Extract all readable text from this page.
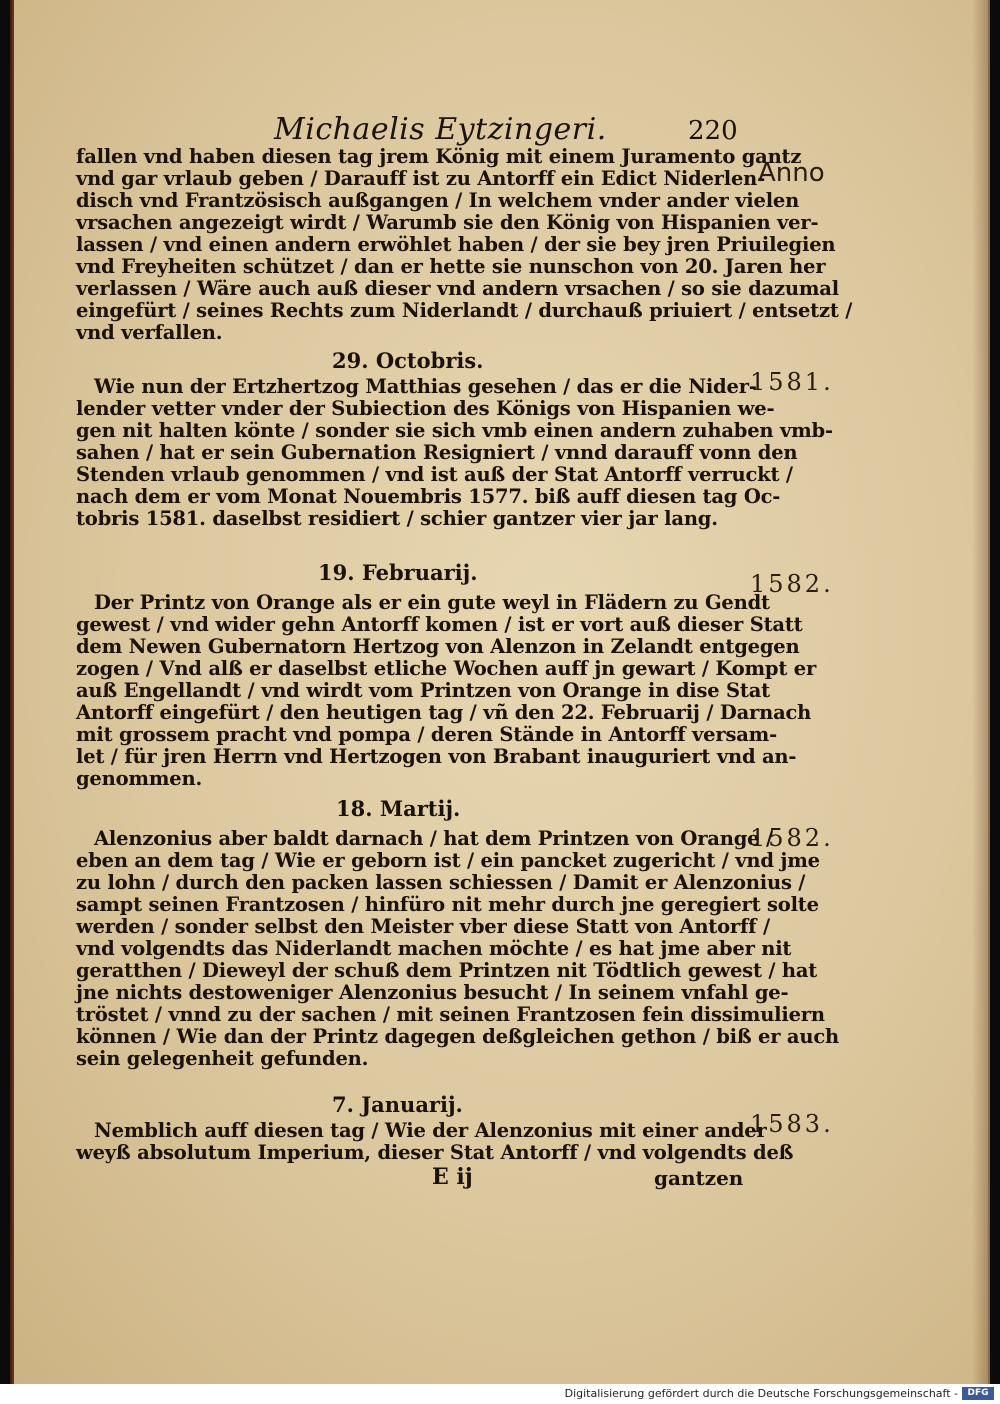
Michaelis Eytzingeri.	220
Anno
fallen vnd haben diesen tag jrem König mit einem Juramento gantz
vnd gar vrlaub geben / Darauff ist zu Antorff ein Edict Niderlen-
disch vnd Frantzösisch außgangen / In welchem vnder ander vielen
vrsachen angezeigt wirdt / Warumb sie den König von Hispanien ver-
lassen / vnd einen andern erwöhlet haben / der sie bey jren Priuilegien
vnd Freyheiten schützet / dan er hette sie nunschon von 20. Jaren her
verlassen / Wäre auch auß dieser vnd andern vrsachen / so sie dazumal
eingefürt / seines Rechts zum Niderlandt / durchauß priuiert / entsetzt /
vnd verfallen.
29. Octobris.
1581.
Wie nun der Ertzhertzog Matthias gesehen / das er die Nider-
lender vetter vnder der Subiection des Königs von Hispanien we-
gen nit halten könte / sonder sie sich vmb einen andern zuhaben vmb-
sahen / hat er sein Gubernation Resigniert / vnnd darauff vonn den
Stenden vrlaub genommen / vnd ist auß der Stat Antorff verruckt /
nach dem er vom Monat Nouembris 1577. biß auff diesen tag Oc-
tobris 1581. daselbst residiert / schier gantzer vier jar lang.
19. Februarij.	1582.
Der Printz von Orange als er ein gute weyl in Flädern zu Gendt
gewest / vnd wider gehn Antorff komen / ist er vort auß dieser Statt
dem Newen Gubernatorn Hertzog von Alenzon in Zelandt entgegen
zogen / Vnd alß er daselbst etliche Wochen auff jn gewart / Kompt er
auß Engellandt / vnd wirdt vom Printzen von Orange in dise Stat
Antorff eingefürt / den heutigen tag / vñ den 22. Februarij / Darnach
mit grossem pracht vnd pompa / deren Stände in Antorff versam-
let / für jren Herrn vnd Hertzogen von Brabant inauguriert vnd an-
genommen.
18. Martij.
1582.
Alenzonius aber baldt darnach / hat dem Printzen von Orange /
eben an dem tag / Wie er geborn ist / ein pancket zugericht / vnd jme
zu lohn / durch den packen lassen schiessen / Damit er Alenzonius /
sampt seinen Frantzosen / hinfüro nit mehr durch jne geregiert solte
werden / sonder selbst den Meister vber diese Statt von Antorff /
vnd volgendts das Niderlandt machen möchte / es hat jme aber nit
geratthen / Dieweyl der schuß dem Printzen nit Tödtlich gewest / hat
jne nichts destoweniger Alenzonius besucht / In seinem vnfahl ge-
tröstet / vnnd zu der sachen / mit seinen Frantzosen fein dissimuliern
können / Wie dan der Printz dagegen deßgleichen gethon / biß er auch
sein gelegenheit gefunden.
7. Januarij.
1583.
Nemblich auff diesen tag / Wie der Alenzonius mit einer ander
weyß absolutum Imperium, dieser Stat Antorff / vnd volgendts deß
E ij	gantzen
Digitalisierung gefördert durch die Deutsche Forschungsgemeinschaft -	DFG
